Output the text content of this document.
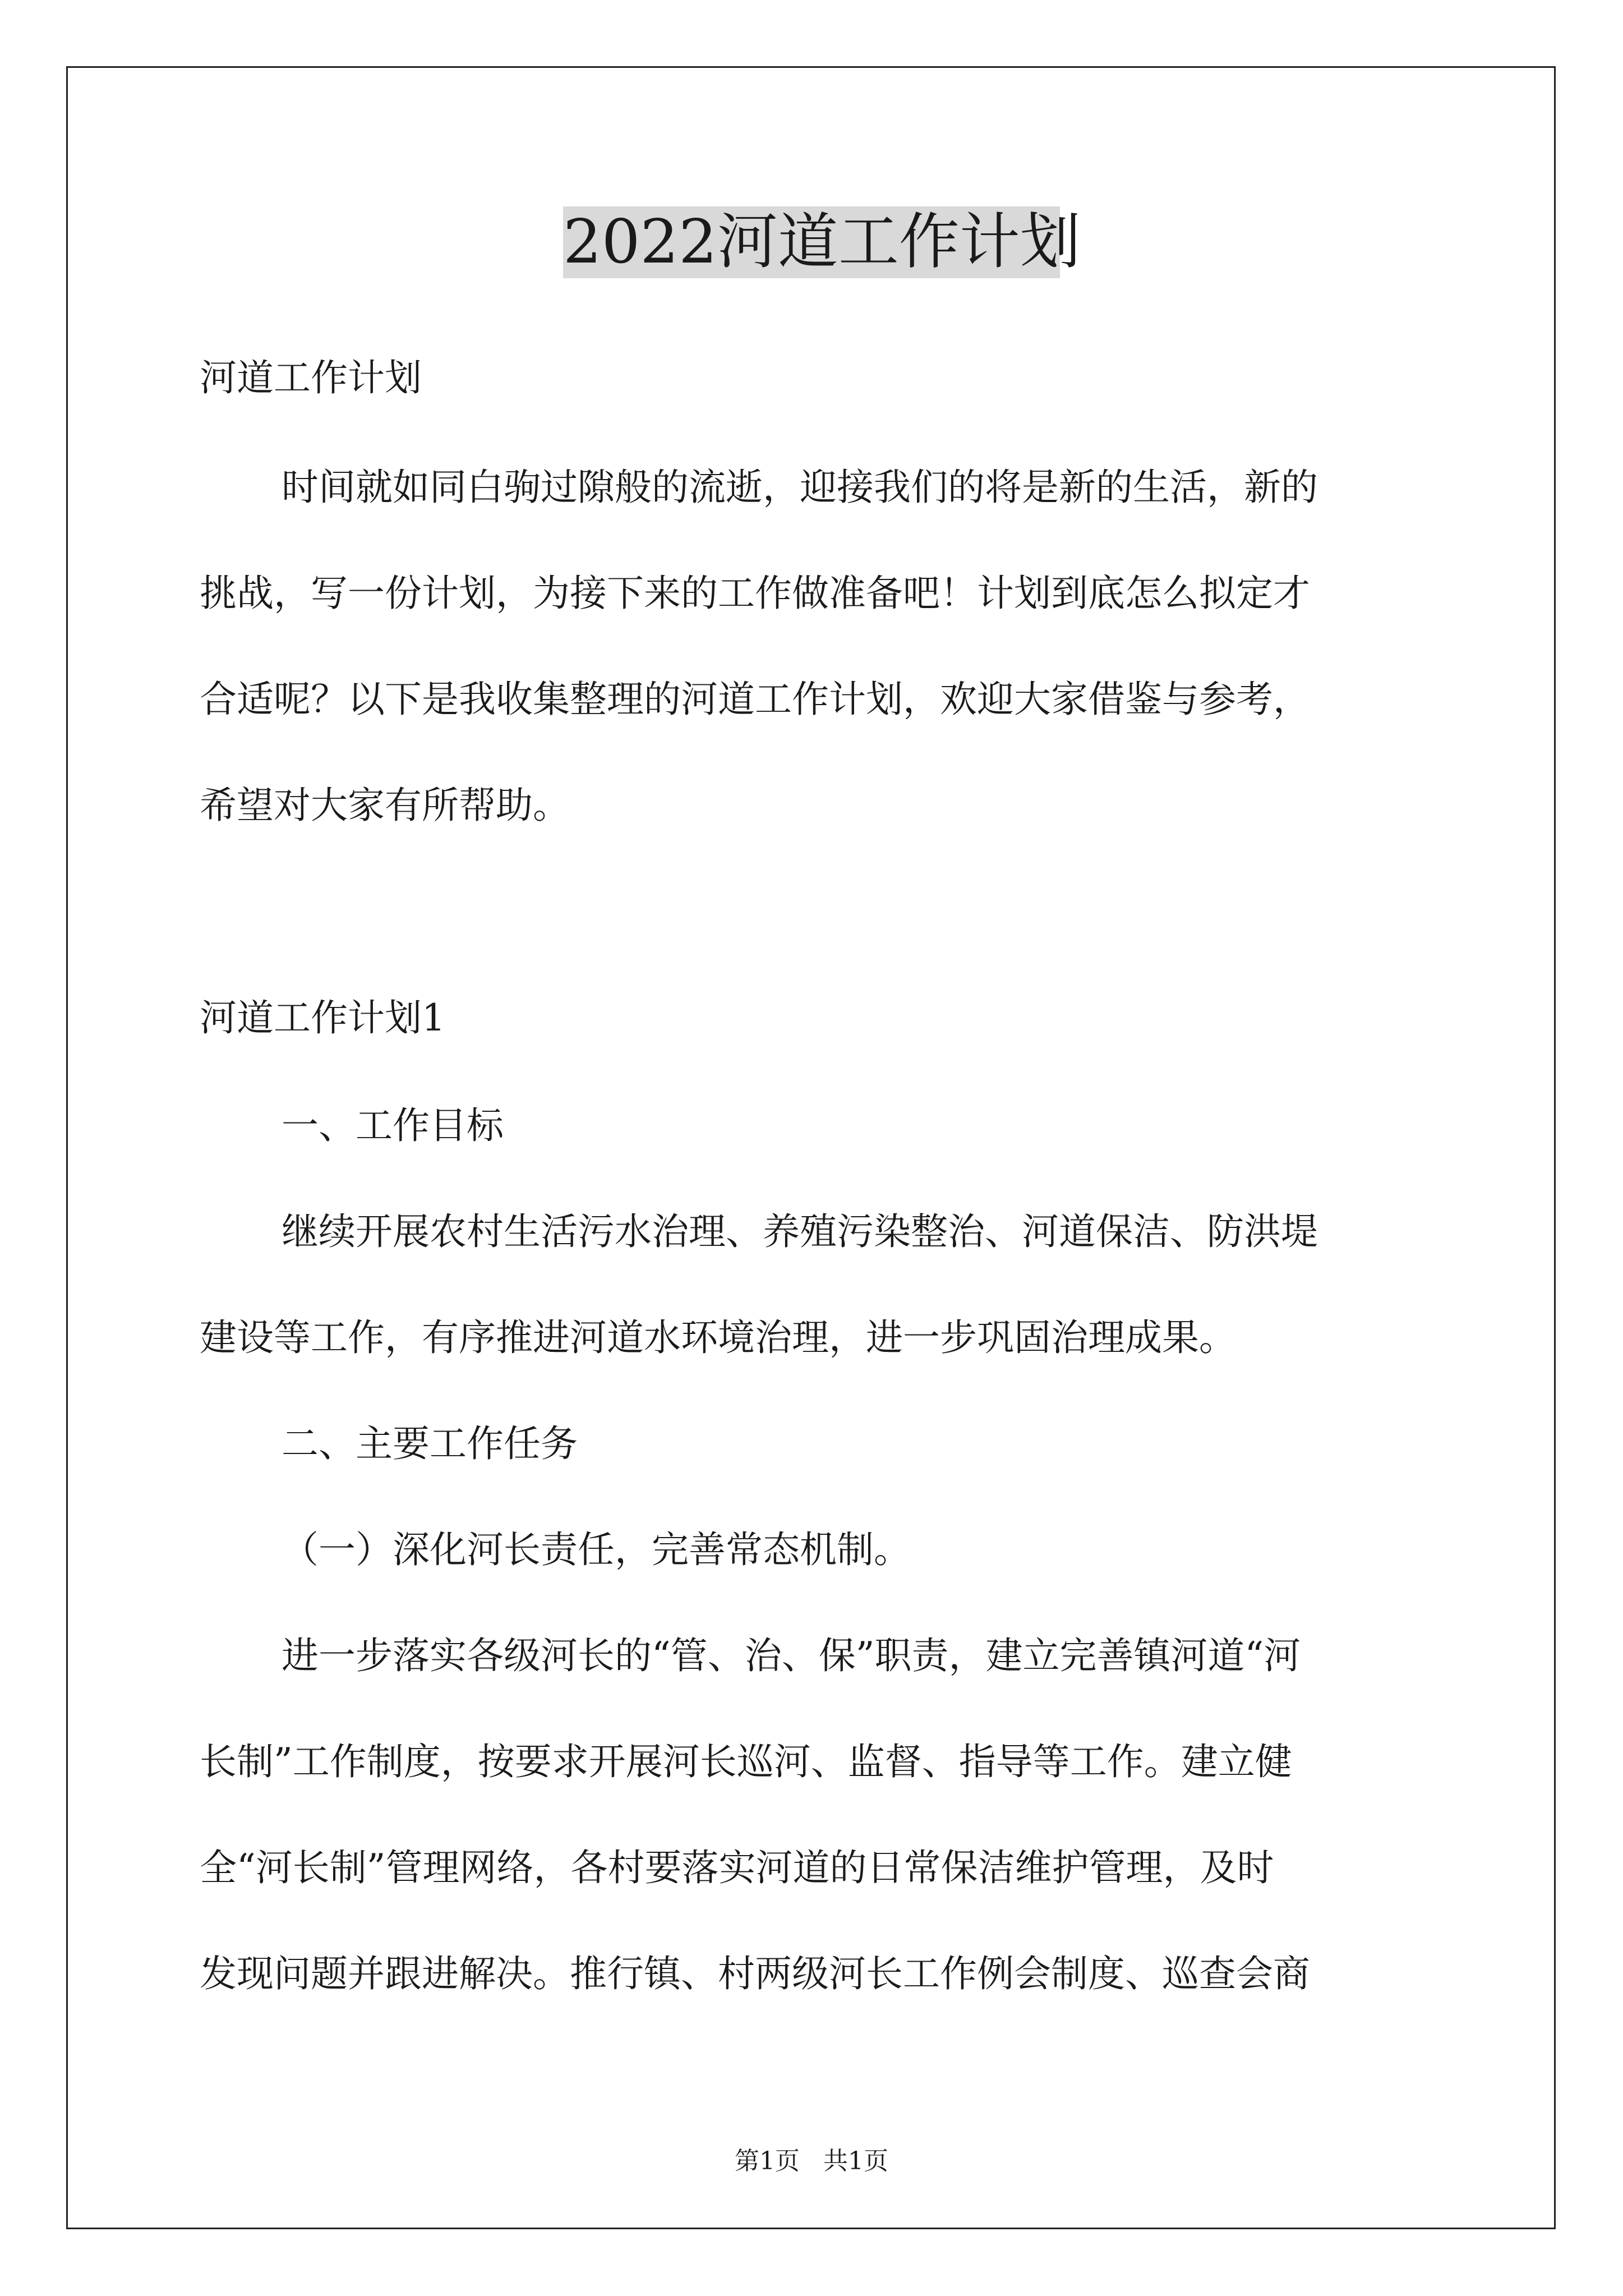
2022河道工作计划
河道工作计划
时间就如同白驹过隙般的流逝，迎接我们的将是新的生活，新的
挑战，写一份计划，为接下来的工作做准备吧！计划到底怎么拟定才
合适呢？以下是我收集整理的河道工作计划，欢迎大家借鉴与参考，
希望对大家有所帮助。
河道工作计划1
一、工作目标
继续开展农村生活污水治理、养殖污染整治、河道保洁、防洪堤
建设等工作，有序推进河道水环境治理，进一步巩固治理成果。
二、主要工作任务
（一）深化河长责任，完善常态机制。
进一步落实各级河长的“管、治、保”职责，建立完善镇河道“河
长制”工作制度，按要求开展河长巡河、监督、指导等工作。建立健
全“河长制”管理网络，各村要落实河道的日常保洁维护管理，及时
发现问题并跟进解决。推行镇、村两级河长工作例会制度、巡查会商
第1页   共1页
